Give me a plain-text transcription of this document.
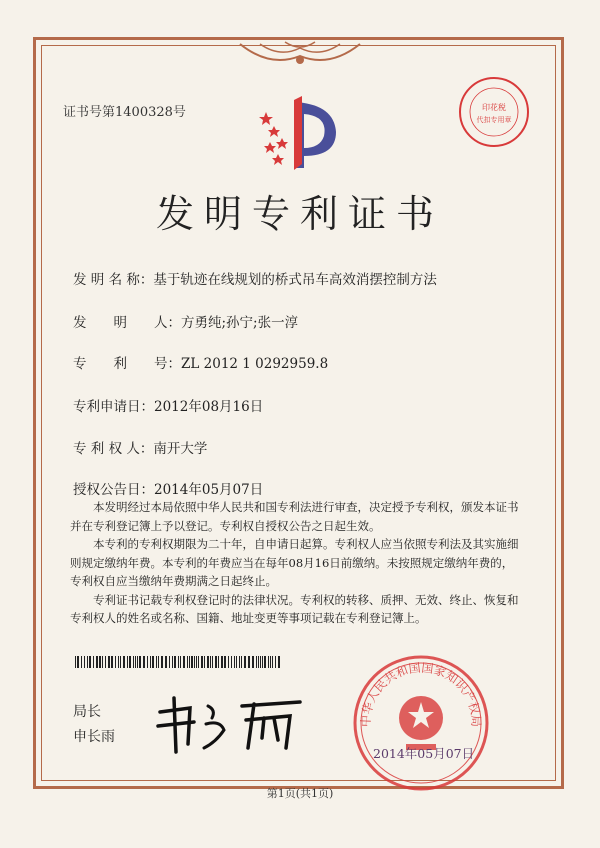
证书号第1400328号	印花税
代扣专用章
发明专利证书
发 明 名 称：基于轨迹在线规划的桥式吊车高效消摆控制方法
发　　明　　人：方勇纯;孙宁;张一淳
专　　利　　号：ZL 2012 1 0292959.8
专利申请日：2012年08月16日
专 利 权 人：南开大学
授权公告日：2014年05月07日

本发明经过本局依照中华人民共和国专利法进行审查，决定授予专利权，颁发本证书并在专利登记簿上予以登记。专利权自授权公告之日起生效。

本专利的专利权期限为二十年，自申请日起算。专利权人应当依照专利法及其实施细则规定缴纳年费。本专利的年费应当在每年08月16日前缴纳。未按照规定缴纳年费的，专利权自应当缴纳年费期满之日起终止。

专利证书记载专利权登记时的法律状况。专利权的转移、质押、无效、终止、恢复和专利权人的姓名或名称、国籍、地址变更等事项记载在专利登记簿上。

局长
申长雨
中华人民共和国国家知识产权局
2014年05月07日
第1页(共1页)
